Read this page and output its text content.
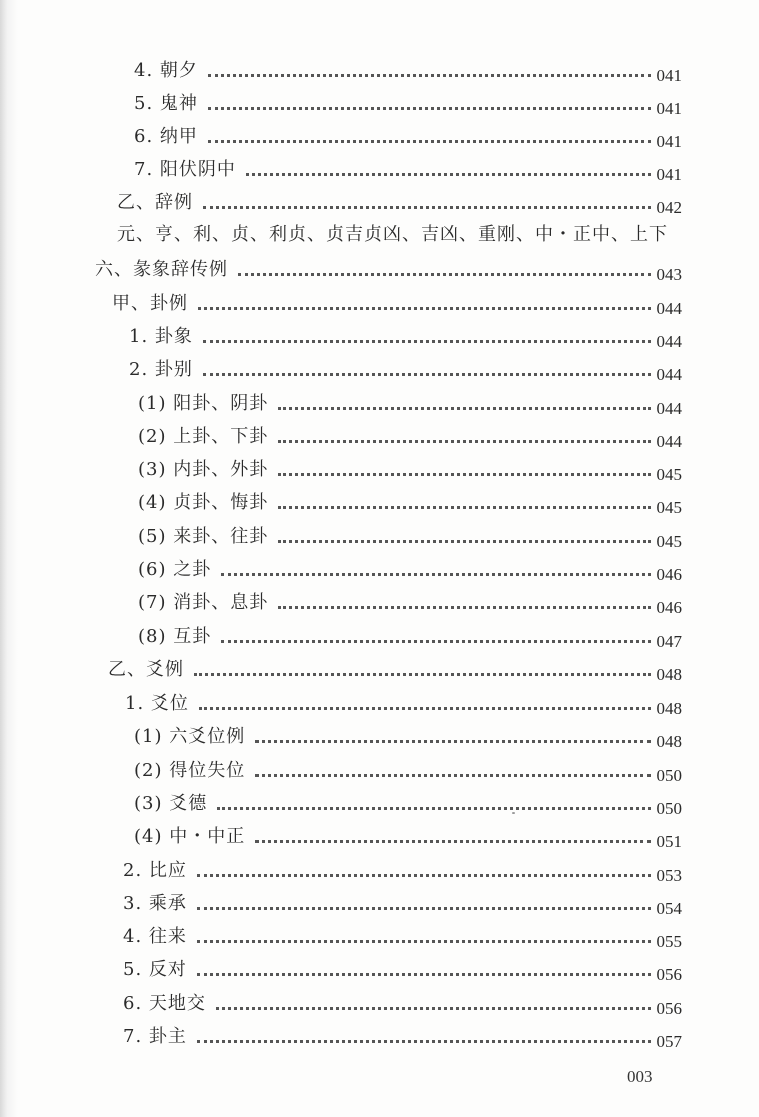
4. 朝夕	041
5. 鬼神	041
6. 纳甲	041
7. 阳伏阴中	041
乙、辞例	042
元、亨、利、贞、利贞、贞吉贞凶、吉凶、重刚、中・正中、上下
六、彖象辞传例	043
甲、卦例	044
1. 卦象	044
2. 卦别	044
(1) 阳卦、阴卦	044
(2) 上卦、下卦	044
(3) 内卦、外卦	045
(4) 贞卦、悔卦	045
(5) 来卦、往卦	045
(6) 之卦	046
(7) 消卦、息卦	046
(8) 互卦	047
乙、爻例	048
1. 爻位	048
(1) 六爻位例	048
(2) 得位失位	050
(3) 爻德	050
(4) 中・中正	051
2. 比应	053
3. 乘承	054
4. 往来	055
5. 反对	056
6. 天地交	056
7. 卦主	057
003
